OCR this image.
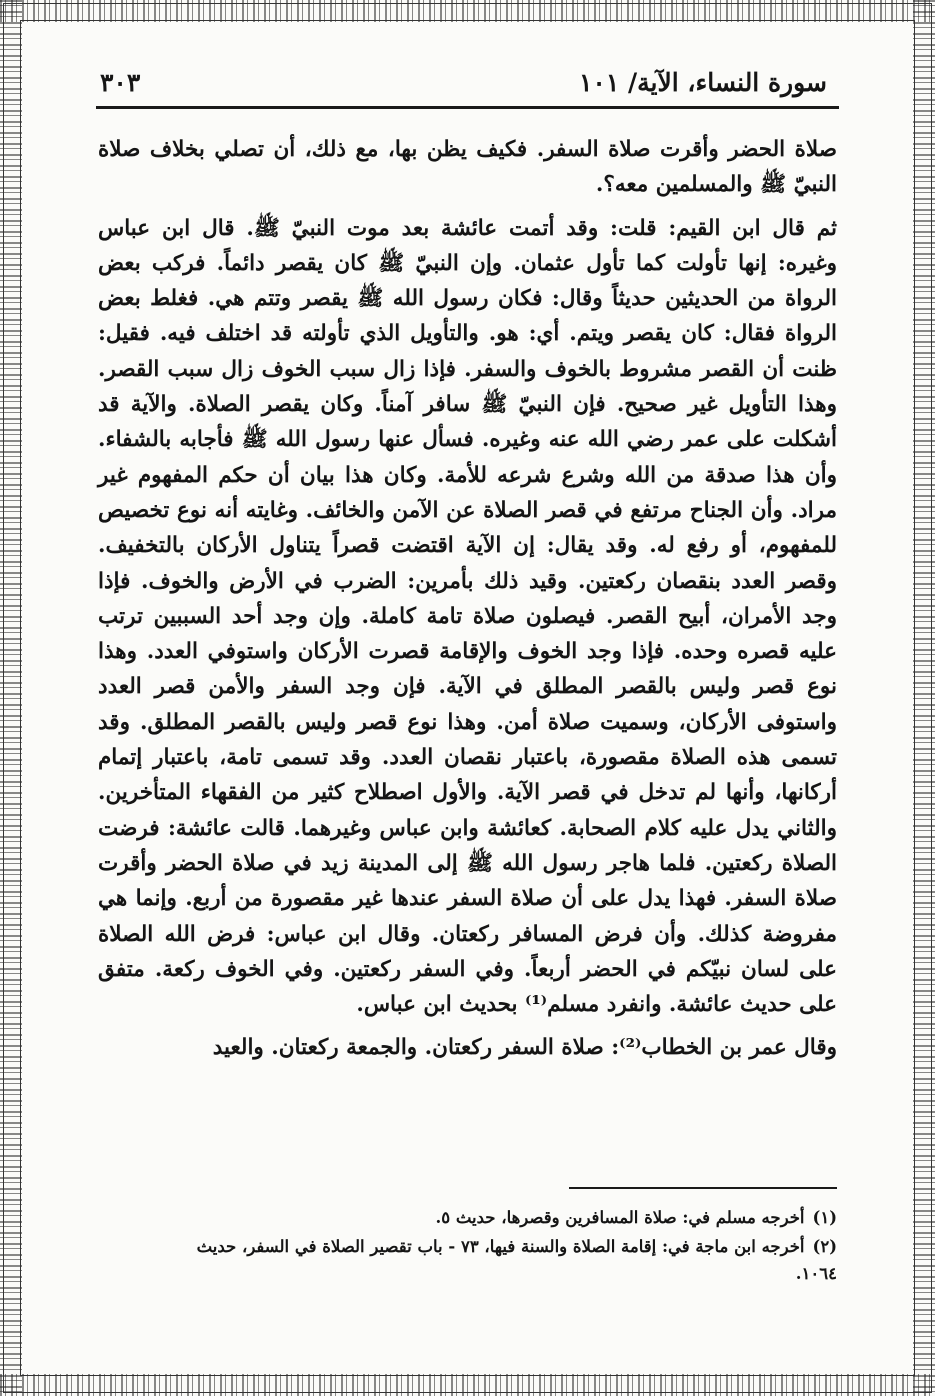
سورة النساء، الآية/ ١٠١
٣٠٣

صلاة الحضر وأقرت صلاة السفر. فكيف يظن بها، مع ذلك، أن تصلي بخلاف صلاة النبيّ ﷺ والمسلمين معه؟.

ثم قال ابن القيم: قلت: وقد أتمت عائشة بعد موت النبيّ ﷺ. قال ابن عباس وغيره: إنها تأولت كما تأول عثمان. وإن النبيّ ﷺ كان يقصر دائماً. فركب بعض الرواة من الحديثين حديثاً وقال: فكان رسول الله ﷺ يقصر وتتم هي. فغلط بعض الرواة فقال: كان يقصر ويتم. أي: هو. والتأويل الذي تأولته قد اختلف فيه. فقيل: ظنت أن القصر مشروط بالخوف والسفر. فإذا زال سبب الخوف زال سبب القصر. وهذا التأويل غير صحيح. فإن النبيّ ﷺ سافر آمناً. وكان يقصر الصلاة. والآية قد أشكلت على عمر رضي الله عنه وغيره. فسأل عنها رسول الله ﷺ فأجابه بالشفاء. وأن هذا صدقة من الله وشرع شرعه للأمة. وكان هذا بيان أن حكم المفهوم غير مراد. وأن الجناح مرتفع في قصر الصلاة عن الآمن والخائف. وغايته أنه نوع تخصيص للمفهوم، أو رفع له. وقد يقال: إن الآية اقتضت قصراً يتناول الأركان بالتخفيف. وقصر العدد بنقصان ركعتين. وقيد ذلك بأمرين: الضرب في الأرض والخوف. فإذا وجد الأمران، أبيح القصر. فيصلون صلاة تامة كاملة. وإن وجد أحد السببين ترتب عليه قصره وحده. فإذا وجد الخوف والإقامة قصرت الأركان واستوفي العدد. وهذا نوع قصر وليس بالقصر المطلق في الآية. فإن وجد السفر والأمن قصر العدد واستوفى الأركان، وسميت صلاة أمن. وهذا نوع قصر وليس بالقصر المطلق. وقد تسمى هذه الصلاة مقصورة، باعتبار نقصان العدد. وقد تسمى تامة، باعتبار إتمام أركانها، وأنها لم تدخل في قصر الآية. والأول اصطلاح كثير من الفقهاء المتأخرين. والثاني يدل عليه كلام الصحابة. كعائشة وابن عباس وغيرهما. قالت عائشة: فرضت الصلاة ركعتين. فلما هاجر رسول الله ﷺ إلى المدينة زيد في صلاة الحضر وأقرت صلاة السفر. فهذا يدل على أن صلاة السفر عندها غير مقصورة من أربع. وإنما هي مفروضة كذلك. وأن فرض المسافر ركعتان. وقال ابن عباس: فرض الله الصلاة على لسان نبيّكم في الحضر أربعاً. وفي السفر ركعتين. وفي الخوف ركعة. متفق على حديث عائشة. وانفرد مسلم⁽¹⁾ بحديث ابن عباس.

وقال عمر بن الخطاب⁽²⁾: صلاة السفر ركعتان. والجمعة ركعتان. والعيد

(١)أخرجه مسلم في: صلاة المسافرين وقصرها، حديث ٥.

(٢)أخرجه ابن ماجة في: إقامة الصلاة والسنة فيها، ٧٣ - باب تقصير الصلاة في السفر، حديث
١٠٦٤.
